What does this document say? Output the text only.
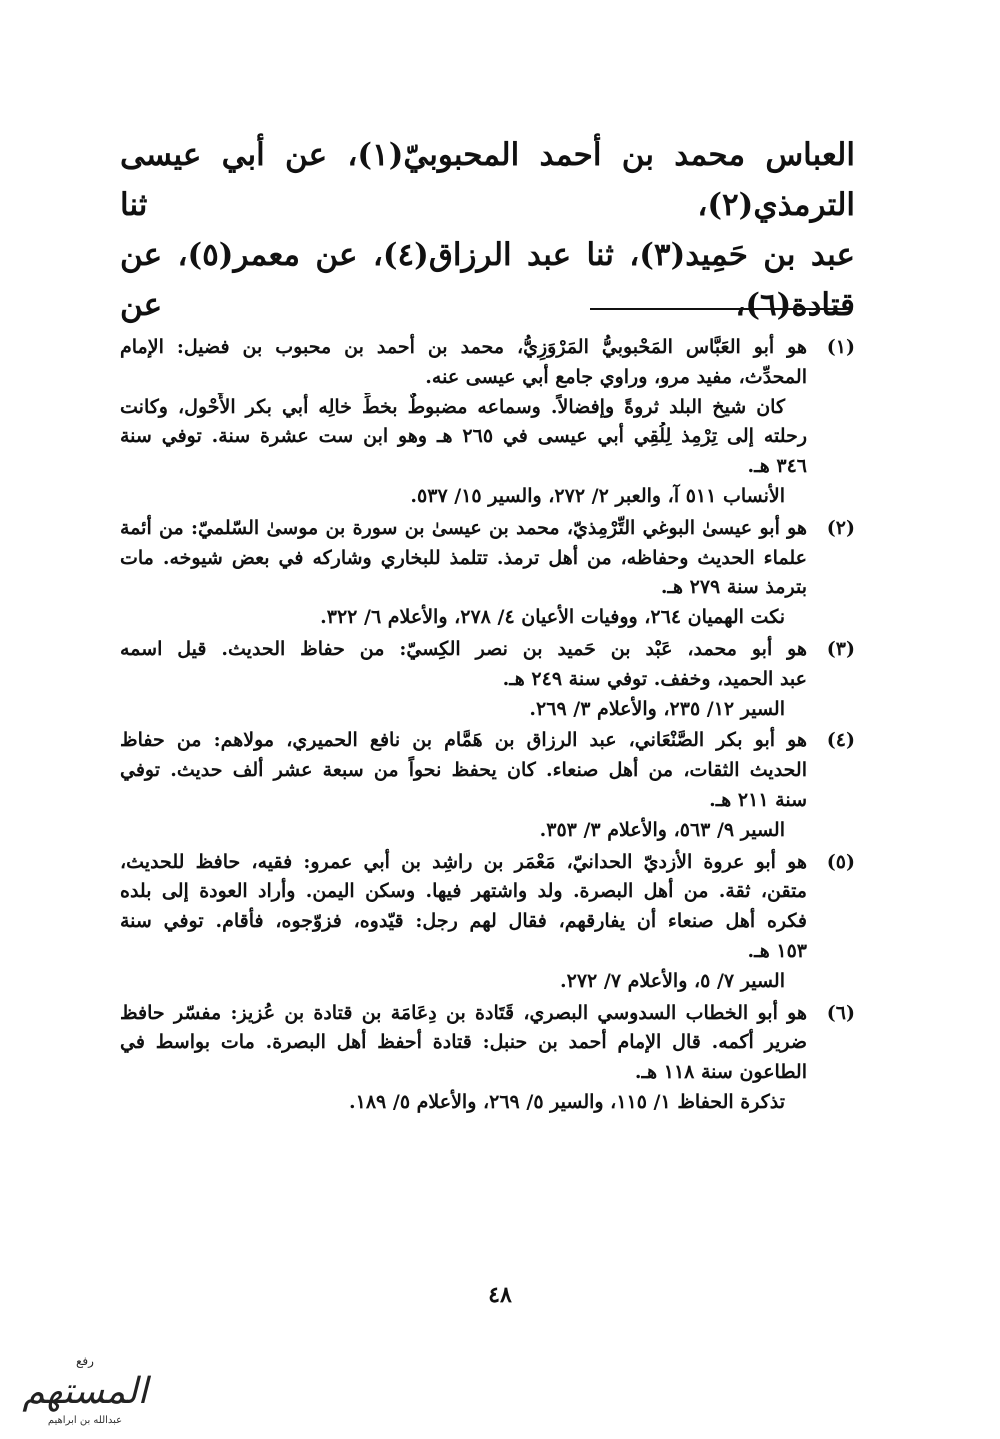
العباس محمد بن أحمد المحبوبيّ(١)، عن أبي عيسى الترمذي(٢)، ثنا
عبد بن حَمِيد(٣)، ثنا عبد الرزاق(٤)، عن معمر(٥)، عن قتادة(٦)، عن
(١)هو أبو العَبَّاس المَحْبوبيُّ المَرْوَزِيُّ، محمد بن أحمد بن محبوب بن فضيل: الإمام
المحدِّث، مفيد مرو، وراوي جامع أبي عيسى عنه.
كان شيخ البلد ثروةً وإفضالاً. وسماعه مضبوطٌ بخطِّ خالِه أبي بكر الأَحْول، وكانت
رحلته إلى تِرْمِذ لِلُقِي أبي عيسى في ٢٦٥ هـ وهو ابن ست عشرة سنة. توفي سنة
٣٤٦ هـ.
الأنساب ٥١١ آ، والعبر ٢/ ٢٧٢، والسير ١٥/ ٥٣٧.
(٢)هو أبو عيسىٰ البوغي التِّرْمِذيّ، محمد بن عيسىٰ بن سورة بن موسىٰ السّلميّ: من أئمة
علماء الحديث وحفاظه، من أهل ترمذ. تتلمذ للبخاري وشاركه في بعض شيوخه. مات
بترمذ سنة ٢٧٩ هـ.
نكت الهميان ٢٦٤، ووفيات الأعيان ٤/ ٢٧٨، والأعلام ٦/ ٣٢٢.
(٣)هو أبو محمد، عَبْد بن حَميد بن نصر الكِسيّ: من حفاظ الحديث. قيل اسمه
عبد الحميد، وخفف. توفي سنة ٢٤٩ هـ.
السير ١٢/ ٢٣٥، والأعلام ٣/ ٢٦٩.
(٤)هو أبو بكر الصَّنْعَاني، عبد الرزاق بن هَمَّام بن نافع الحميري، مولاهم: من حفاظ
الحديث الثقات، من أهل صنعاء. كان يحفظ نحواً من سبعة عشر ألف حديث. توفي
سنة ٢١١ هـ.
السير ٩/ ٥٦٣، والأعلام ٣/ ٣٥٣.
(٥)هو أبو عروة الأزديّ الحدانيّ، مَعْمَر بن راشِد بن أبي عمرو: فقيه، حافظ للحديث،
متقن، ثقة. من أهل البصرة. ولد واشتهر فيها. وسكن اليمن. وأراد العودة إلى بلده
فكره أهل صنعاء أن يفارقهم، فقال لهم رجل: قيّدوه، فزوّجوه، فأقام. توفي سنة
١٥٣ هـ.
السير ٧/ ٥، والأعلام ٧/ ٢٧٢.
(٦)هو أبو الخطاب السدوسي البصري، قَتَادة بن دِعَامَة بن قتادة بن عُزيز: مفسّر حافظ
ضرير أكمه. قال الإمام أحمد بن حنبل: قتادة أحفظ أهل البصرة. مات بواسط في
الطاعون سنة ١١٨ هـ.
تذكرة الحفاظ ١/ ١١٥، والسير ٥/ ٢٦٩، والأعلام ٥/ ١٨٩.
٤٨
رفع
المستهم
عبدالله بن ابراهيم
